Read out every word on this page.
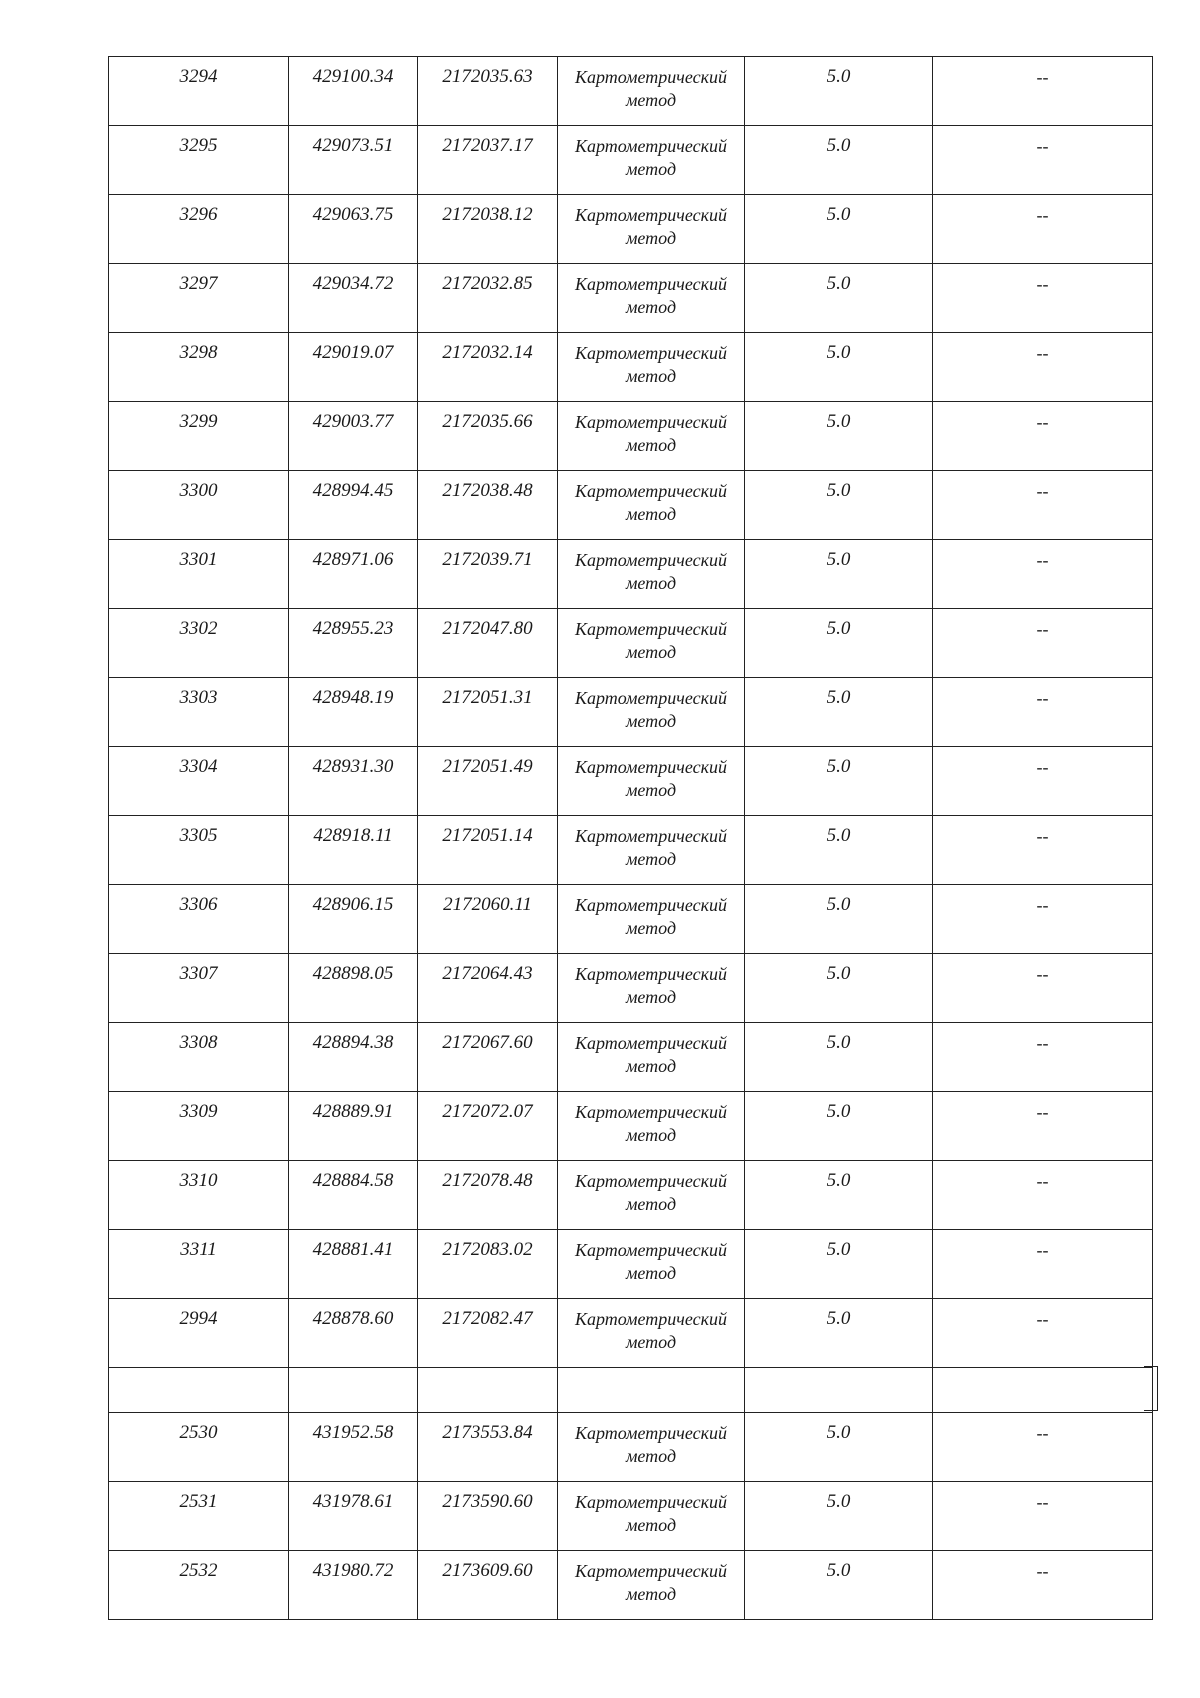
3294	429100.34	2172035.63	Картометрический метод	5.0	--
3295	429073.51	2172037.17	Картометрический метод	5.0	--
3296	429063.75	2172038.12	Картометрический метод	5.0	--
3297	429034.72	2172032.85	Картометрический метод	5.0	--
3298	429019.07	2172032.14	Картометрический метод	5.0	--
3299	429003.77	2172035.66	Картометрический метод	5.0	--
3300	428994.45	2172038.48	Картометрический метод	5.0	--
3301	428971.06	2172039.71	Картометрический метод	5.0	--
3302	428955.23	2172047.80	Картометрический метод	5.0	--
3303	428948.19	2172051.31	Картометрический метод	5.0	--
3304	428931.30	2172051.49	Картометрический метод	5.0	--
3305	428918.11	2172051.14	Картометрический метод	5.0	--
3306	428906.15	2172060.11	Картометрический метод	5.0	--
3307	428898.05	2172064.43	Картометрический метод	5.0	--
3308	428894.38	2172067.60	Картометрический метод	5.0	--
3309	428889.91	2172072.07	Картометрический метод	5.0	--
3310	428884.58	2172078.48	Картометрический метод	5.0	--
3311	428881.41	2172083.02	Картометрический метод	5.0	--
2994	428878.60	2172082.47	Картометрический метод	5.0	--

2530	431952.58	2173553.84	Картометрический метод	5.0	--
2531	431978.61	2173590.60	Картометрический метод	5.0	--
2532	431980.72	2173609.60	Картометрический метод	5.0	--
